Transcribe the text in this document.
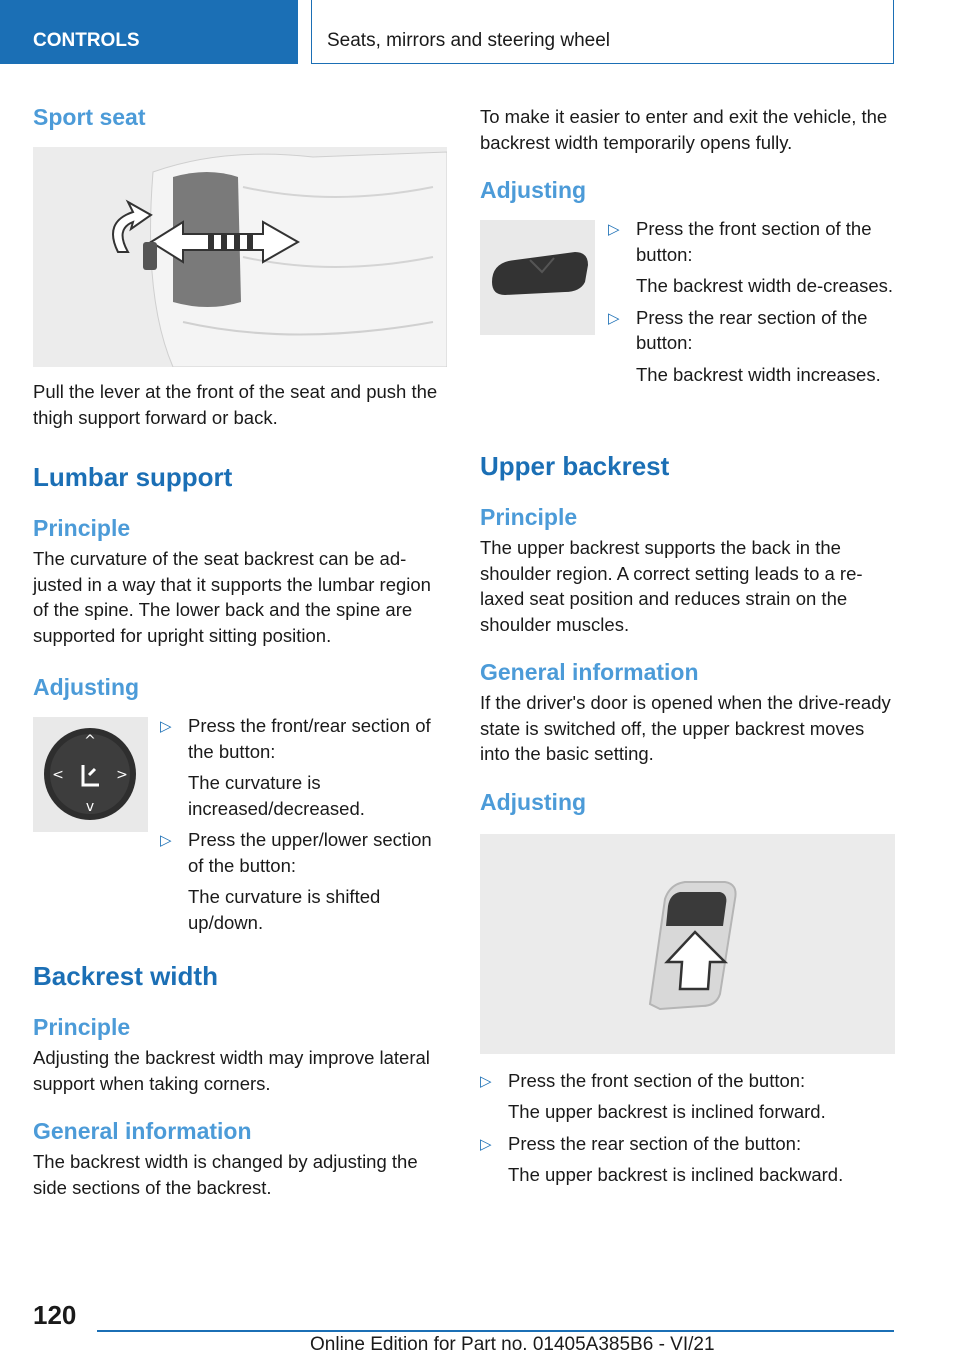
CONTROLS	Seats, mirrors and steering wheel
Sport seat

Pull the lever at the front of the seat and push the thigh support forward or back.

Lumbar support
Principle

The curvature of the seat backrest can be ad‐justed in a way that it supports the lumbar region of the spine. The lower back and the spine are supported for upright sitting position.

Adjusting
^
v
<	>
▷ Press the front/rear section of the button:
The curvature is increased/decreased.
▷ Press the upper/lower section of the button:
The curvature is shifted up/down.
Backrest width
Principle

Adjusting the backrest width may improve lateral support when taking corners.

General information

The backrest width is changed by adjusting the side sections of the backrest.

To make it easier to enter and exit the vehicle, the backrest width temporarily opens fully.

Adjusting
▷ Press the front section of the button:
The backrest width de‐creases.
▷ Press the rear section of the button:
The backrest width increases.
Upper backrest
Principle

The upper backrest supports the back in the shoulder region. A correct setting leads to a re‐laxed seat position and reduces strain on the shoulder muscles.

General information

If the driver's door is opened when the drive-ready state is switched off, the upper backrest moves into the basic setting.

Adjusting
▷ Press the front section of the button:
The upper backrest is inclined forward.
▷ Press the rear section of the button:
The upper backrest is inclined backward.
120
Online Edition for Part no. 01405A385B6 - VI/21
